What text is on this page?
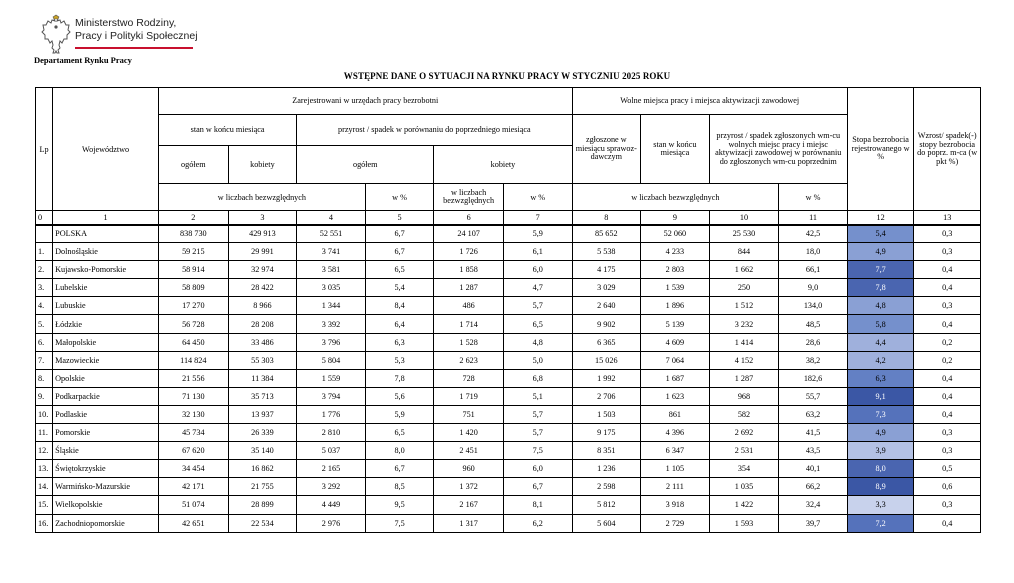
Ministerstwo Rodziny,
Pracy i Polityki Społecznej
Departament Rynku Pracy
WSTĘPNE DANE O SYTUACJI NA RYNKU PRACY W STYCZNIU 2025 ROKU
Lp	Województwo	Zarejestrowani w urzędach pracy bezrobotni						Wolne miejsca pracy i miejsca aktywizacji zawodowej				Stopa bezrobocia rejestrowanego w %	Wzrost/ spadek(-) stopy bezrobocia do poprz. m-ca (w pkt %)
		stan w końcu miesiąca		przyrost / spadek w porównaniu do poprzedniego miesiąca				zgłoszone w miesiącu sprawoz-dawczym	stan w końcu miesiąca	przyrost / spadek zgłoszonych wm-cu wolnych miejsc pracy i miejsc aktywizacji zawodowej w porównaniu do zgłoszonych wm-cu poprzednim			
		ogółem	kobiety	ogółem		kobiety							
		w liczbach bezwzględnych			w %	w liczbach bezwzględnych	w %	w liczbach bezwzględnych			w %		
0	1	2	3	4	5	6	7	8	9	10	11	12	13
	POLSKA	838 730	429 913	52 551	6,7	24 107	5,9	85 652	52 060	25 530	42,5	5,4	0,3
1.	Dolnośląskie	59 215	29 991	3 741	6,7	1 726	6,1	5 538	4 233	844	18,0	4,9	0,3
2.	Kujawsko-Pomorskie	58 914	32 974	3 581	6,5	1 858	6,0	4 175	2 803	1 662	66,1	7,7	0,4
3.	Lubelskie	58 809	28 422	3 035	5,4	1 287	4,7	3 029	1 539	250	9,0	7,8	0,4
4.	Lubuskie	17 270	8 966	1 344	8,4	486	5,7	2 640	1 896	1 512	134,0	4,8	0,3
5.	Łódzkie	56 728	28 208	3 392	6,4	1 714	6,5	9 902	5 139	3 232	48,5	5,8	0,4
6.	Małopolskie	64 450	33 486	3 796	6,3	1 528	4,8	6 365	4 609	1 414	28,6	4,4	0,2
7.	Mazowieckie	114 824	55 303	5 804	5,3	2 623	5,0	15 026	7 064	4 152	38,2	4,2	0,2
8.	Opolskie	21 556	11 384	1 559	7,8	728	6,8	1 992	1 687	1 287	182,6	6,3	0,4
9.	Podkarpackie	71 130	35 713	3 794	5,6	1 719	5,1	2 706	1 623	968	55,7	9,1	0,4
10.	Podlaskie	32 130	13 937	1 776	5,9	751	5,7	1 503	861	582	63,2	7,3	0,4
11.	Pomorskie	45 734	26 339	2 810	6,5	1 420	5,7	9 175	4 396	2 692	41,5	4,9	0,3
12.	Śląskie	67 620	35 140	5 037	8,0	2 451	7,5	8 351	6 347	2 531	43,5	3,9	0,3
13.	Świętokrzyskie	34 454	16 862	2 165	6,7	960	6,0	1 236	1 105	354	40,1	8,0	0,5
14.	Warmińsko-Mazurskie	42 171	21 755	3 292	8,5	1 372	6,7	2 598	2 111	1 035	66,2	8,9	0,6
15.	Wielkopolskie	51 074	28 899	4 449	9,5	2 167	8,1	5 812	3 918	1 422	32,4	3,3	0,3
16.	Zachodniopomorskie	42 651	22 534	2 976	7,5	1 317	6,2	5 604	2 729	1 593	39,7	7,2	0,4
